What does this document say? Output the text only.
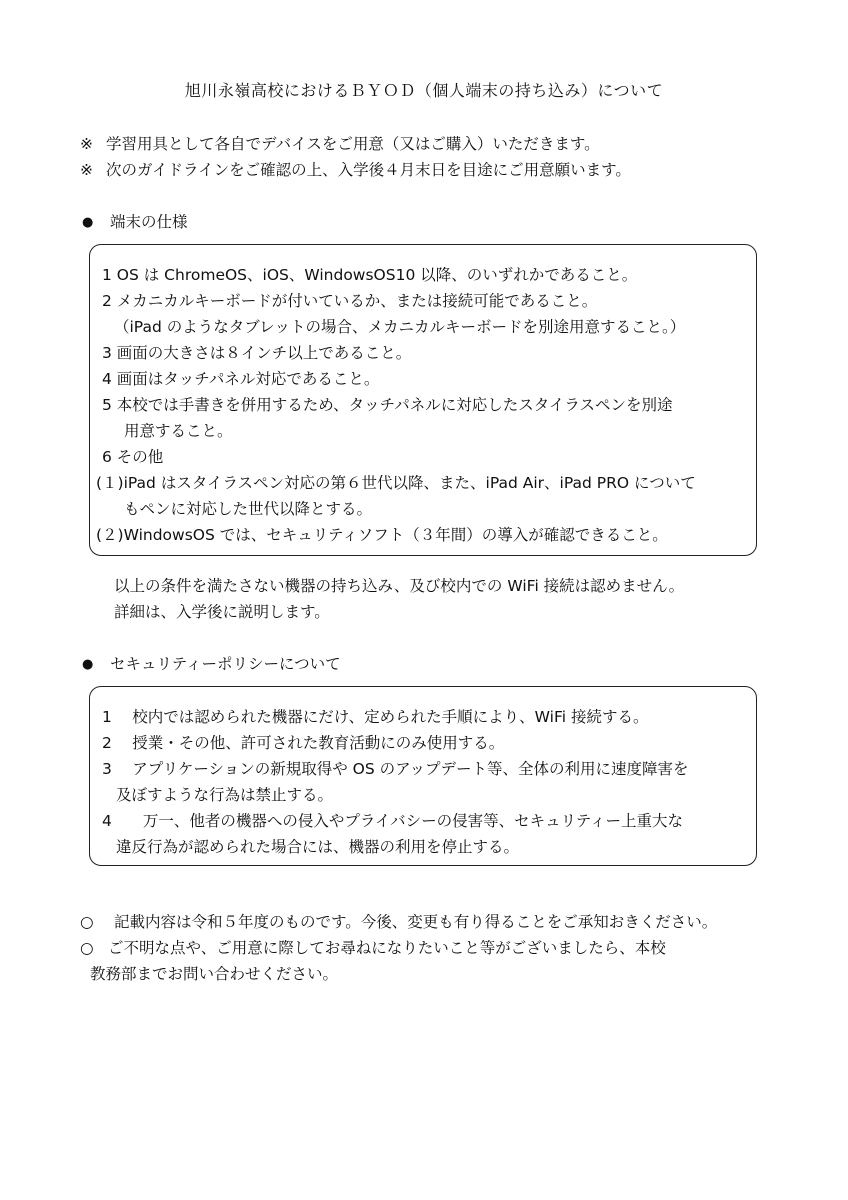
旭川永嶺高校におけるＢＹＯＤ（個人端末の持ち込み）について
※ 学習用具として各自でデバイスをご用意（又はご購入）いただきます。
※ 次のガイドラインをご確認の上、入学後４月末日を目途にご用意願います。
● 端末の仕様
1 OS は ChromeOS、iOS、WindowsOS10 以降、のいずれかであること。
2 メカニカルキーボードが付いているか、または接続可能であること。
（iPad のようなタブレットの場合、メカニカルキーボードを別途用意すること。）
3 画面の大きさは８インチ以上であること。
4 画面はタッチパネル対応であること。
5 本校では手書きを併用するため、タッチパネルに対応したスタイラスペンを別途
用意すること。
6 その他
(１)iPad はスタイラスペン対応の第６世代以降、また、iPad Air、iPad PRO について
もペンに対応した世代以降とする。
(２)WindowsOS では、セキュリティソフト（３年間）の導入が確認できること。
以上の条件を満たさない機器の持ち込み、及び校内での WiFi 接続は認めません。
詳細は、入学後に説明します。
● セキュリティーポリシーについて
1　 校内では認められた機器にだけ、定められた手順により、WiFi 接続する。
2　 授業・その他、許可された教育活動にのみ使用する。
3　 アプリケーションの新規取得や OS のアップデート等、全体の利用に速度障害を
及ぼすような行為は禁止する。
4　　万一、他者の機器への侵入やプライバシーの侵害等、セキュリティー上重大な
違反行為が認められた場合には、機器の利用を停止する。
○ 記載内容は令和５年度のものです。今後、変更も有り得ることをご承知おきください。
○ ご不明な点や、ご用意に際してお尋ねになりたいこと等がございましたら、本校
教務部までお問い合わせください。
